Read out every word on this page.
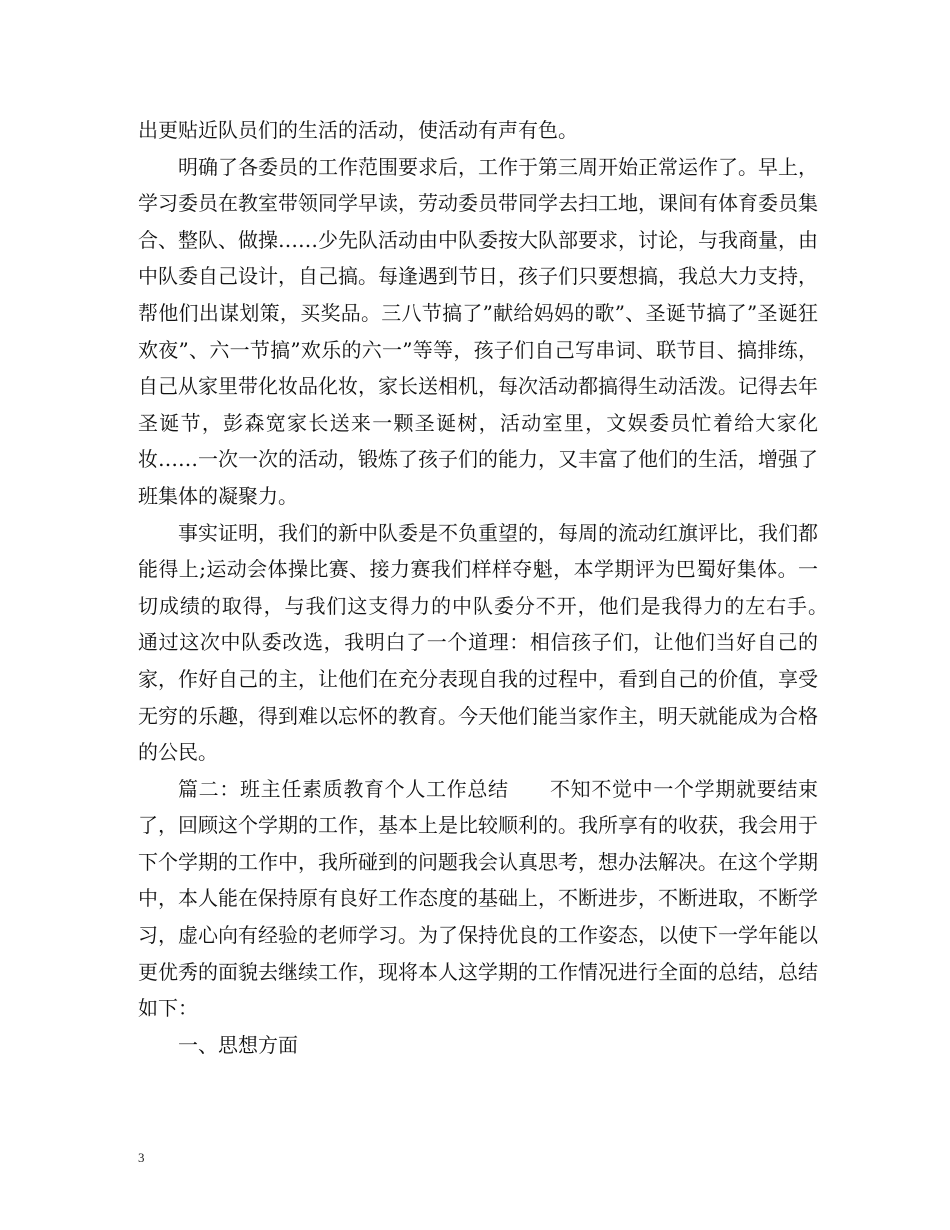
出更贴近队员们的生活的活动，使活动有声有色。

明确了各委员的工作范围要求后，工作于第三周开始正常运作了。早上，学习委员在教室带领同学早读，劳动委员带同学去扫工地，课间有体育委员集合、整队、做操……少先队活动由中队委按大队部要求，讨论，与我商量，由中队委自己设计，自己搞。每逢遇到节日，孩子们只要想搞，我总大力支持，帮他们出谋划策，买奖品。三八节搞了”献给妈妈的歌”、圣诞节搞了”圣诞狂欢夜”、六一节搞”欢乐的六一”等等，孩子们自己写串词、联节目、搞排练，自己从家里带化妆品化妆，家长送相机，每次活动都搞得生动活泼。记得去年圣诞节，彭森宽家长送来一颗圣诞树，活动室里，文娱委员忙着给大家化妆……一次一次的活动，锻炼了孩子们的能力，又丰富了他们的生活，增强了班集体的凝聚力。

事实证明，我们的新中队委是不负重望的，每周的流动红旗评比，我们都能得上;运动会体操比赛、接力赛我们样样夺魁，本学期评为巴蜀好集体。一切成绩的取得，与我们这支得力的中队委分不开，他们是我得力的左右手。　　通过这次中队委改选，我明白了一个道理：相信孩子们，让他们当好自己的家，作好自己的主，让他们在充分表现自我的过程中，看到自己的价值，享受无穷的乐趣，得到难以忘怀的教育。今天他们能当家作主，明天就能成为合格的公民。

篇二：班主任素质教育个人工作总结　　不知不觉中一个学期就要结束了，回顾这个学期的工作，基本上是比较顺利的。我所享有的收获，我会用于下个学期的工作中，我所碰到的问题我会认真思考，想办法解决。在这个学期中，本人能在保持原有良好工作态度的基础上，不断进步，不断进取，不断学习，虚心向有经验的老师学习。为了保持优良的工作姿态，以使下一学年能以更优秀的面貌去继续工作，现将本人这学期的工作情况进行全面的总结，总结如下：

一、思想方面

3
